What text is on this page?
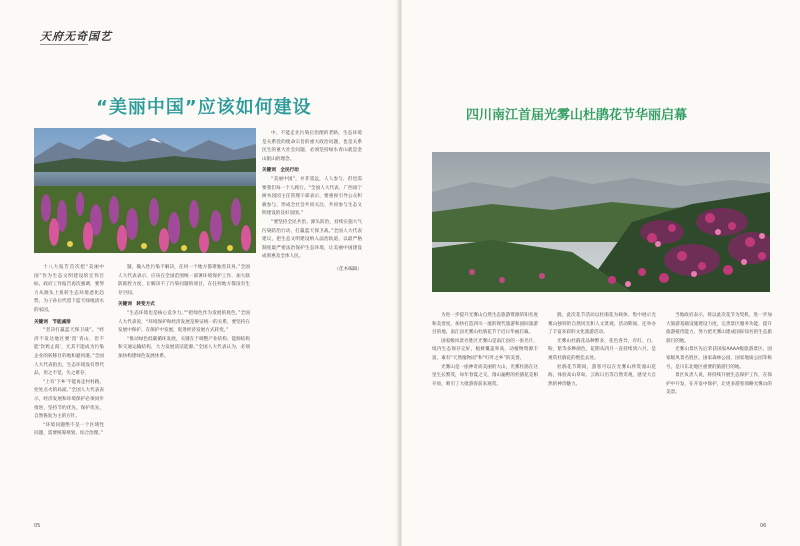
天府无奇国艺
“美丽中国”应该如何建设

十八大报告首次把“美丽中国”作为生态文明建设的宏伟目标，政府工作报告再次强调，要努力从源头上扭转生态环境恶化趋势，为子孙后代留下蓝天绿地清水的家园。

关键词　节能减排

“坚决打赢蓝天保卫战”。“经济不发达地区要‘留’青山，但不能‘饮鸩止渴’，尤其不能成为污染企业的转移目的地和避风港。”全国人大代表指出，生态环境没有替代品，用之不觉，失之难存。

“上有‘下乡’不能再走村村路，处处点火的局面。”全国人大代表表示，经济发展和环境保护必须同步推进，坚持节约优先、保护优先、自然恢复为主的方针。

“环境问题绝不是一个区域性问题，需要统筹规划、综合治理。”

题，输入性污染不解决，任何一个地方都难独善其身。”全国人大代表表示，应该在全国范围统一部署环境保护工作，加大联防联控力度，让解决不了污染问题的项目，在任何地方都没有生存空间。

关键词　转变方式

“生态环境也是核心竞争力。”“把绿色作为发展的底色，”全国人大代表说，“环境保护和经济发展是辩证统一的关系，要坚持在发展中保护、在保护中发展，促进经济发展方式转变。”

“推动绿色低碳循环发展，关键在于调整产业结构、能源结构和交通运输结构，大力发展清洁能源。”全国人大代表认为，必须加快构建绿色发展体系。

中，不能走先污染后治理的老路，生态环境是关系党的使命宗旨的重大政治问题，也是关系民生的重大社会问题，必须坚持绿水青山就是金山银山的理念。

关键词　全民行动

“美丽中国”，并非遥远，人人参与，但也需要我们每一个人践行。“全国人大代表、广西南宁树木园园主任管理干部表示，要重视引导公众积极参与，形成全社会共同关注、共同参与生态文明建设的良好氛围。”

“要坚持全民共治、源头防治，持续实施大气污染防治行动，打赢蓝天保卫战。”全国人大代表建议，把生态文明建设纳入法治轨道，以最严格制度最严密法治保护生态环境，让美丽中国建设成果惠及全体人民。

（佳木编辑）
05
四川南江首届光雾山杜鹃花节华丽启幕

为进一步提升光雾山自然生态旅游资源的知名度和美誉度，加快打造四川一流的现代旅游和国际旅游目的地，南江县光雾山杜鹃花节于近日华丽启幕。

国家级风景名胜区光雾山是南江县的一张名片，境内生态保存完好，植被覆盖率高，动植物资源丰富，素有“天然植物园”和“红叶之乡”的美誉。

光雾山是一座神奇而美丽的大山，光雾杜鹃在这里生长繁茂，每年春夏之交，漫山遍野的杜鹃花竞相开放，吸引了大批游客前来观赏。

鹃，此次花节活动以杜鹃花为载体，集中展示光雾山独特的自然风光和人文景观，活动期间，还举办了丰富多彩的文化旅游活动。

光雾山杜鹃花品种繁多，花色各异，有红、白、粉、紫等多种颜色，花期从四月一直持续到六月，是观赏杜鹃花的绝佳去处。

杜鹃花节期间，游客可以在光雾山欣赏漫山花海，体验高山草甸、云海日出等自然奇观，感受大自然的神奇魅力。

当地政府表示，将以此次花节为契机，进一步加大旅游基础设施建设力度，完善景区服务功能，提升旅游接待能力，努力把光雾山建成国际知名的生态旅游目的地。

光雾山景区先后荣获国家AAAA级旅游景区、国家级风景名胜区、国家森林公园、国家地质公园等称号，是川东北地区重要的旅游目的地。

景区负责人说，将持续开展生态保护工作，在保护中开发，在开发中保护，让更多游客领略光雾山的美景。

06
